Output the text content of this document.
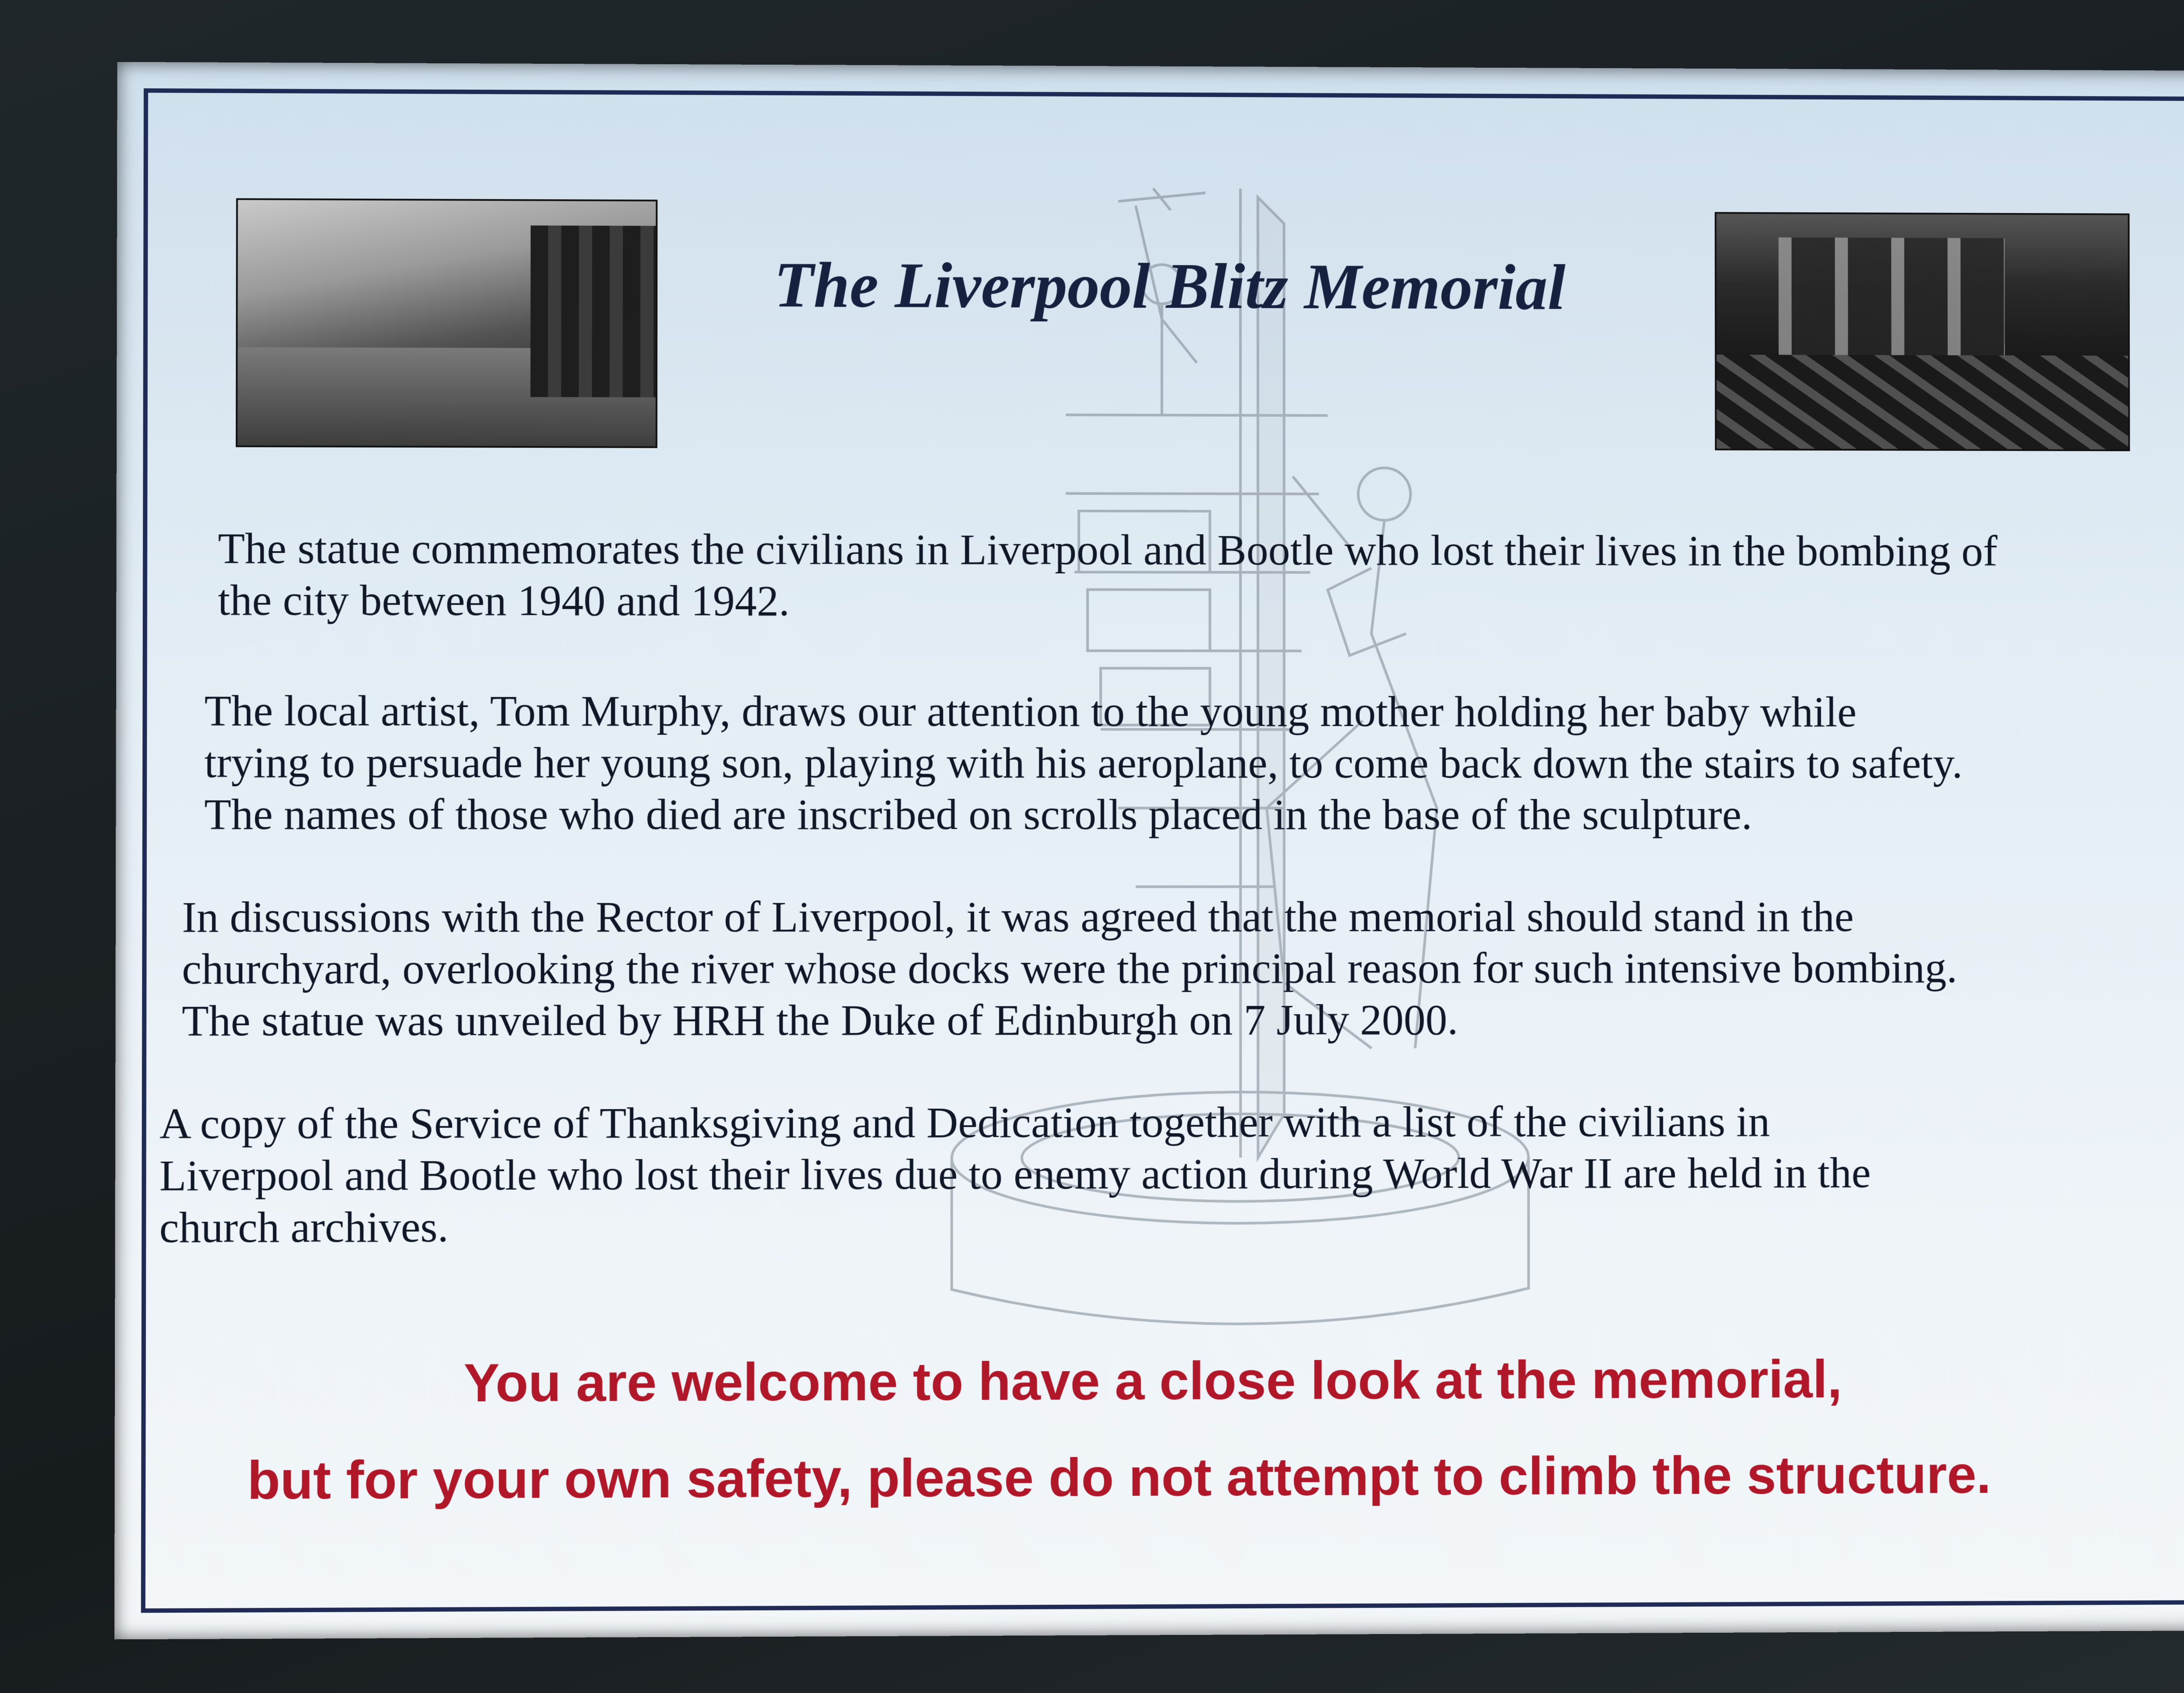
The Liverpool Blitz Memorial
The statue commemorates the civilians in Liverpool and Bootle who lost their lives in the bombing of
the city between 1940 and 1942.
The local artist, Tom Murphy, draws our attention to the young mother holding her baby while
trying to persuade her young son, playing with his aeroplane, to come back down the stairs to safety.
The names of those who died are inscribed on scrolls placed in the base of the sculpture.
In discussions with the Rector of Liverpool, it was agreed that the memorial should stand in the
churchyard, overlooking the river whose docks were the principal reason for such intensive bombing.
The statue was unveiled by HRH the Duke of Edinburgh on 7 July 2000.
A copy of the Service of Thanksgiving and Dedication together with a list of the civilians in
Liverpool and Bootle who lost their lives due to enemy action during World War II are held in the
church archives.

You are welcome to have a close look at the memorial,

but for your own safety, please do not attempt to climb the structure.
